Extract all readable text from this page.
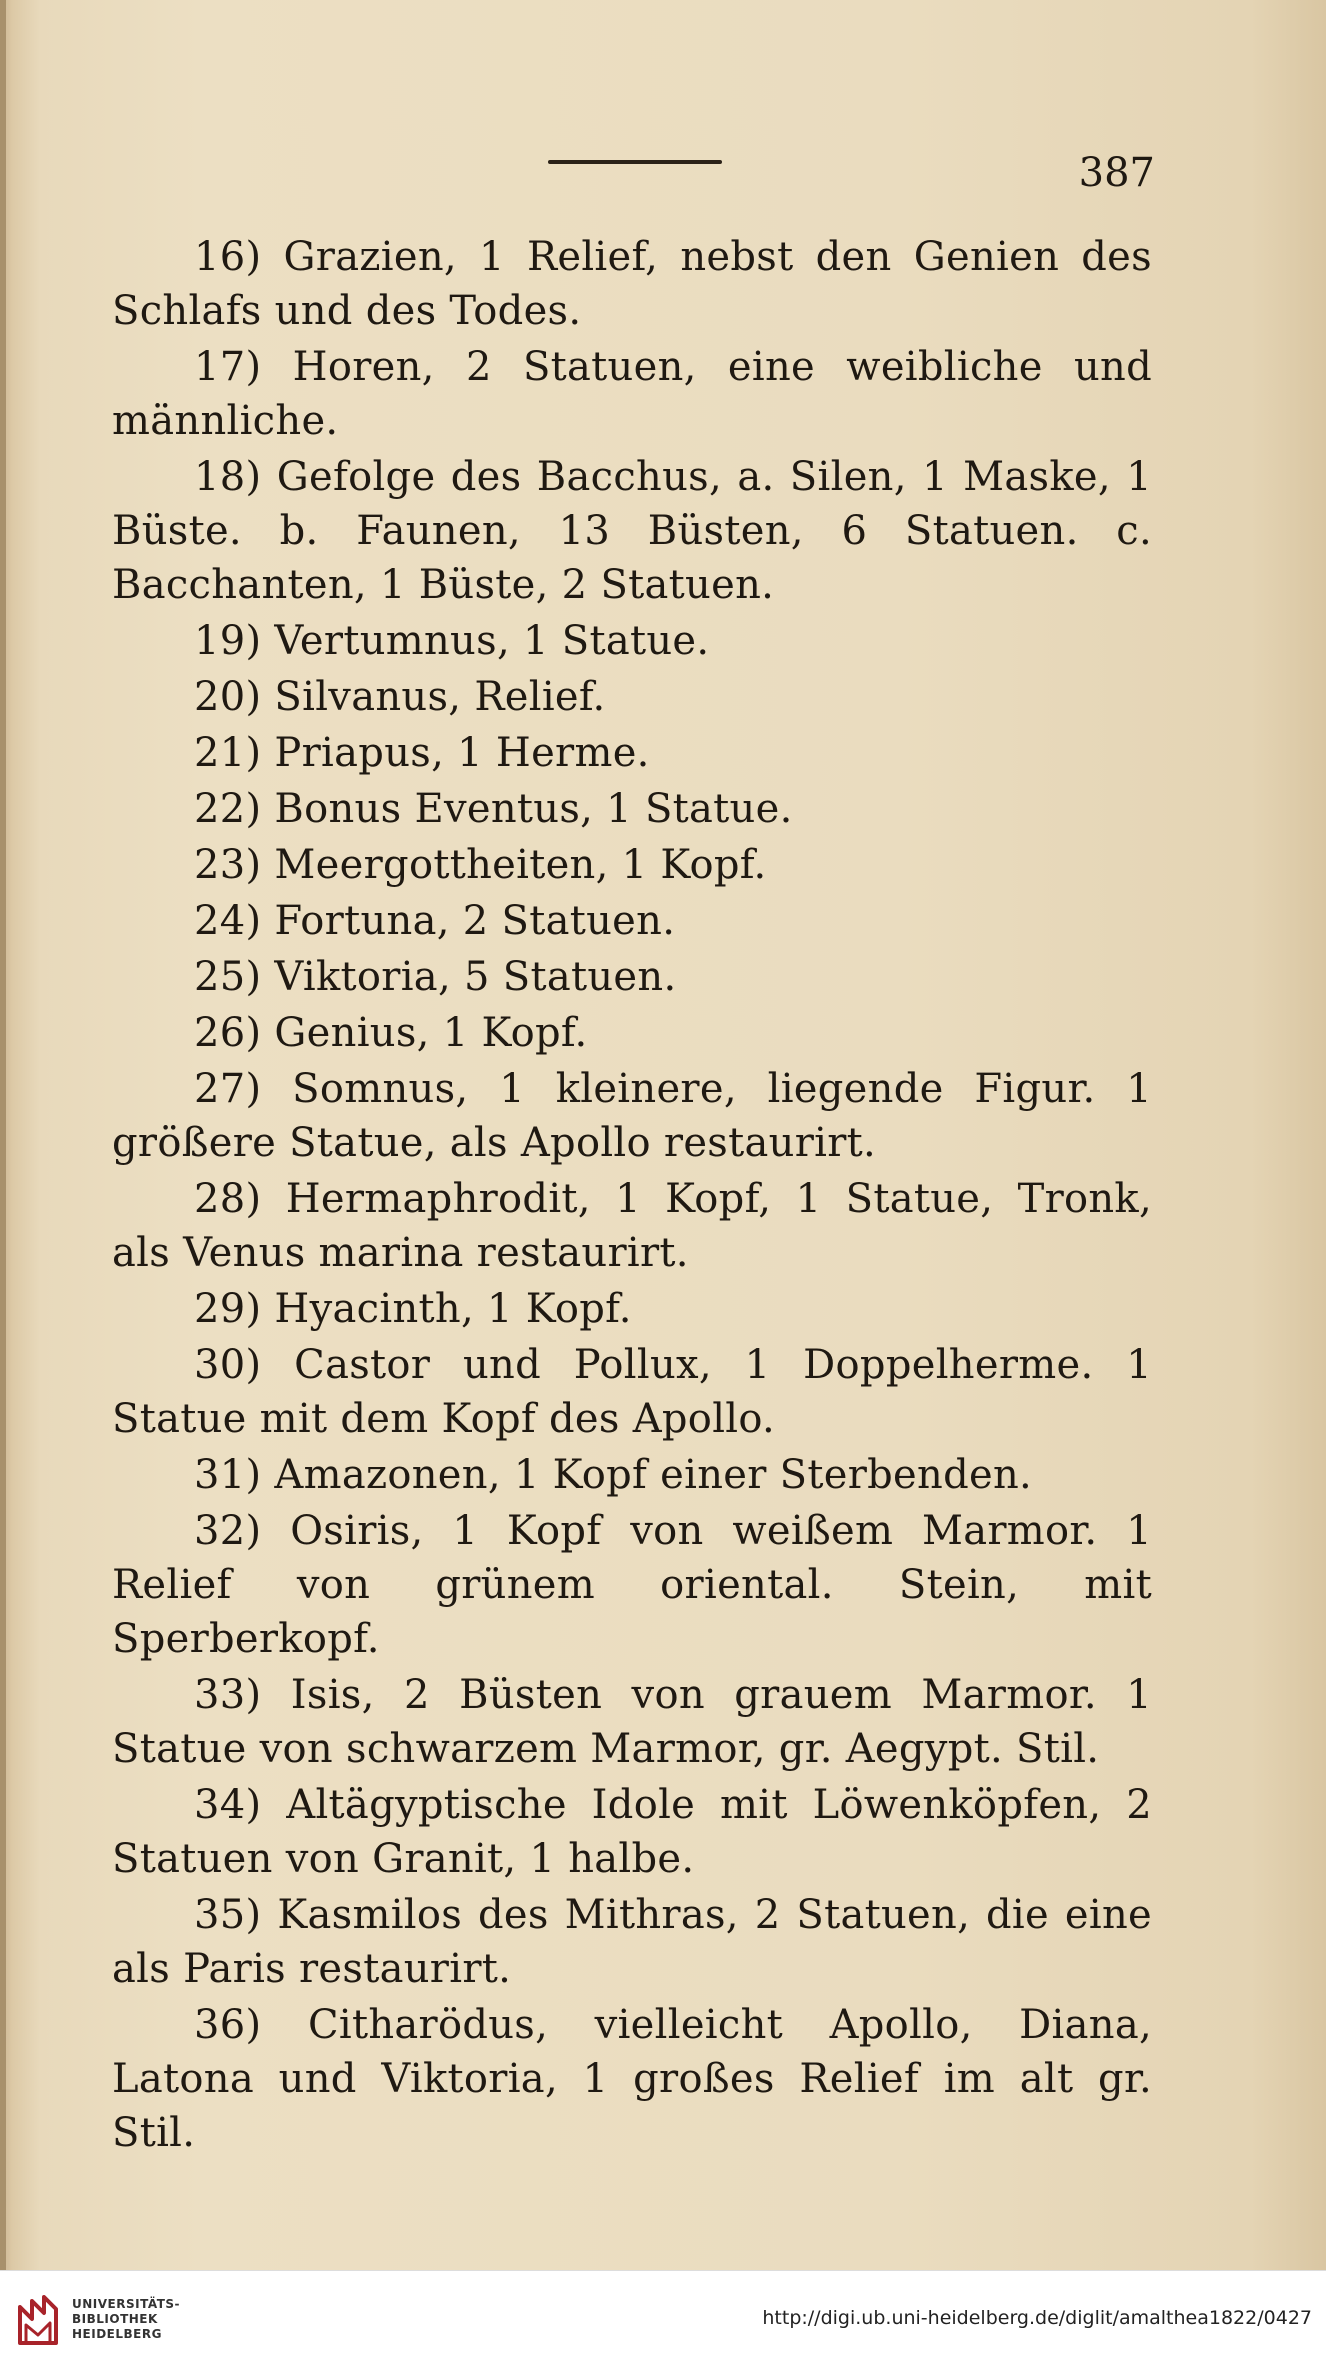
387

16) Grazien, 1 Relief, nebst den Genien des Schlafs und des Todes.

17) Horen, 2 Statuen, eine weibliche und männliche.

18) Gefolge des Bacchus, a. Silen, 1 Maske, 1 Büste. b. Faunen, 13 Büsten, 6 Statuen. c. Bacchanten, 1 Büste, 2 Statuen.

19) Vertumnus, 1 Statue.

20) Silvanus, Relief.

21) Priapus, 1 Herme.

22) Bonus Eventus, 1 Statue.

23) Meergottheiten, 1 Kopf.

24) Fortuna, 2 Statuen.

25) Viktoria, 5 Statuen.

26) Genius, 1 Kopf.

27) Somnus, 1 kleinere, liegende Figur. 1 größere Statue, als Apollo restaurirt.

28) Hermaphrodit, 1 Kopf, 1 Statue, Tronk, als Venus marina restaurirt.

29) Hyacinth, 1 Kopf.

30) Castor und Pollux, 1 Doppelherme. 1 Statue mit dem Kopf des Apollo.

31) Amazonen, 1 Kopf einer Sterbenden.

32) Osiris, 1 Kopf von weißem Marmor. 1 Relief von grünem oriental. Stein, mit Sperberkopf.

33) Isis, 2 Büsten von grauem Marmor. 1 Statue von schwarzem Marmor, gr. Aegypt. Stil.

34) Altägyptische Idole mit Löwenköpfen, 2 Statuen von Granit, 1 halbe.

35) Kasmilos des Mithras, 2 Statuen, die eine als Paris restaurirt.

36) Citharödus, vielleicht Apollo, Diana, Latona und Viktoria, 1 großes Relief im alt gr. Stil.

UNIVERSITÄTS-
BIBLIOTHEK
HEIDELBERG
http://digi.ub.uni-heidelberg.de/diglit/amalthea1822/0427
